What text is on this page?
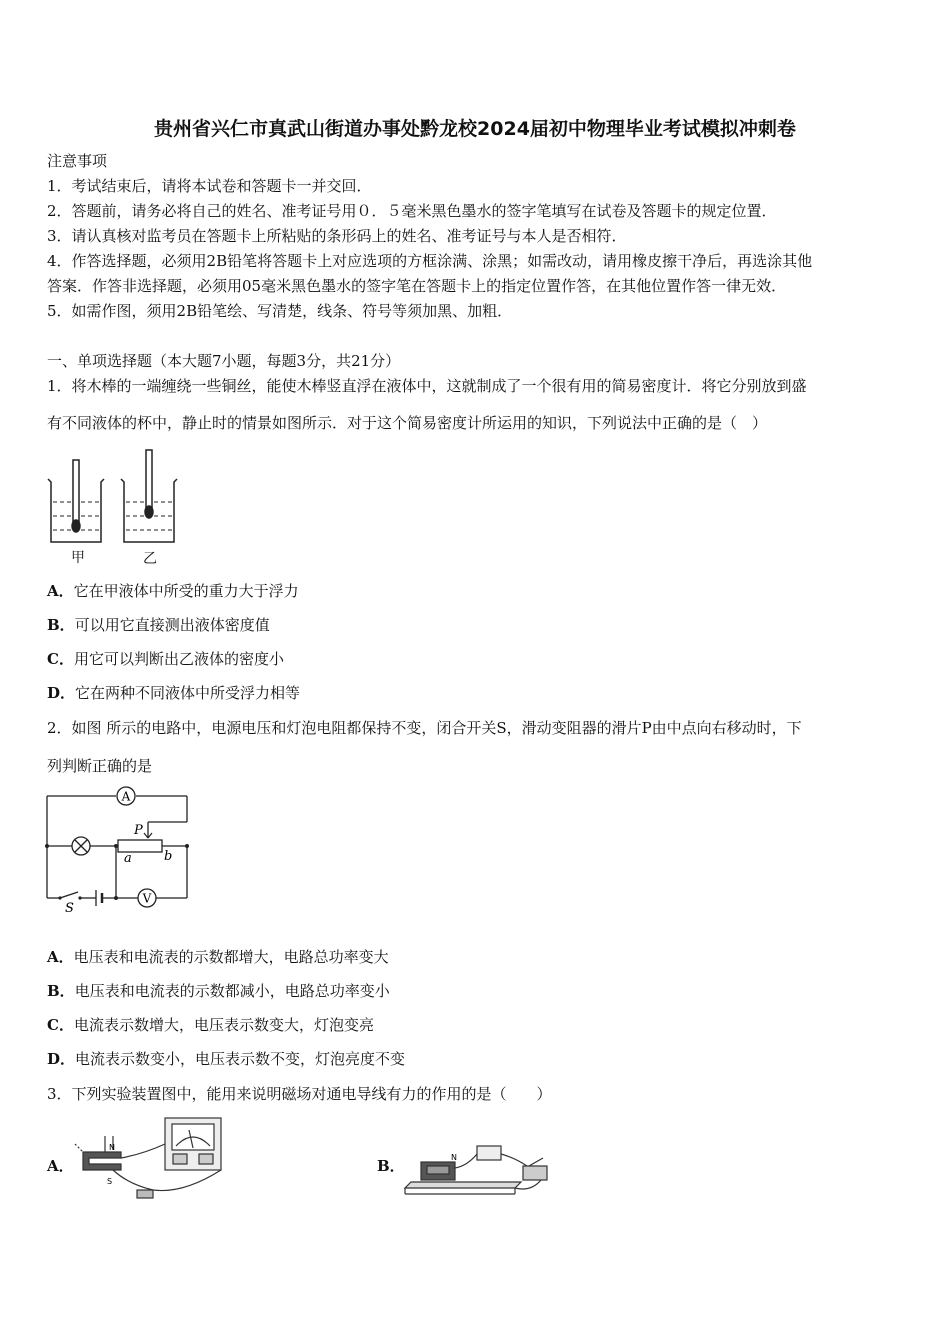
贵州省兴仁市真武山街道办事处黔龙校2024届初中物理毕业考试模拟冲刺卷
注意事项
1．考试结束后，请将本试卷和答题卡一并交回．
2．答题前，请务必将自己的姓名、准考证号用０．５毫米黑色墨水的签字笔填写在试卷及答题卡的规定位置．
3．请认真核对监考员在答题卡上所粘贴的条形码上的姓名、准考证号与本人是否相符．
4．作答选择题，必须用2B铅笔将答题卡上对应选项的方框涂满、涂黑；如需改动，请用橡皮擦干净后，再选涂其他
答案．作答非选择题，必须用05毫米黑色墨水的签字笔在答题卡上的指定位置作答，在其他位置作答一律无效．
5．如需作图，须用2B铅笔绘、写清楚，线条、符号等须加黑、加粗．
一、单项选择题（本大题7小题，每题3分，共21分）
1．将木棒的一端缠绕一些铜丝，能使木棒竖直浮在液体中，这就制成了一个很有用的简易密度计．将它分别放到盛
有不同液体的杯中，静止时的情景如图所示．对于这个简易密度计所运用的知识，下列说法中正确的是（　）
甲	乙
A．它在甲液体中所受的重力大于浮力
B．可以用它直接测出液体密度值
C．用它可以判断出乙液体的密度小
D．它在两种不同液体中所受浮力相等
2．如图 所示的电路中，电源电压和灯泡电阻都保持不变，闭合开关S，滑动变阻器的滑片P由中点向右移动时，下
列判断正确的是
A
V
P
a b
S
A．电压表和电流表的示数都增大，电路总功率变大
B．电压表和电流表的示数都减小，电路总功率变小
C．电流表示数增大，电压表示数变大，灯泡变亮
D．电流表示数变小，电压表示数不变，灯泡亮度不变
3．下列实验装置图中，能用来说明磁场对通电导线有力的作用的是（　　）
A．
N
S
B．	N
